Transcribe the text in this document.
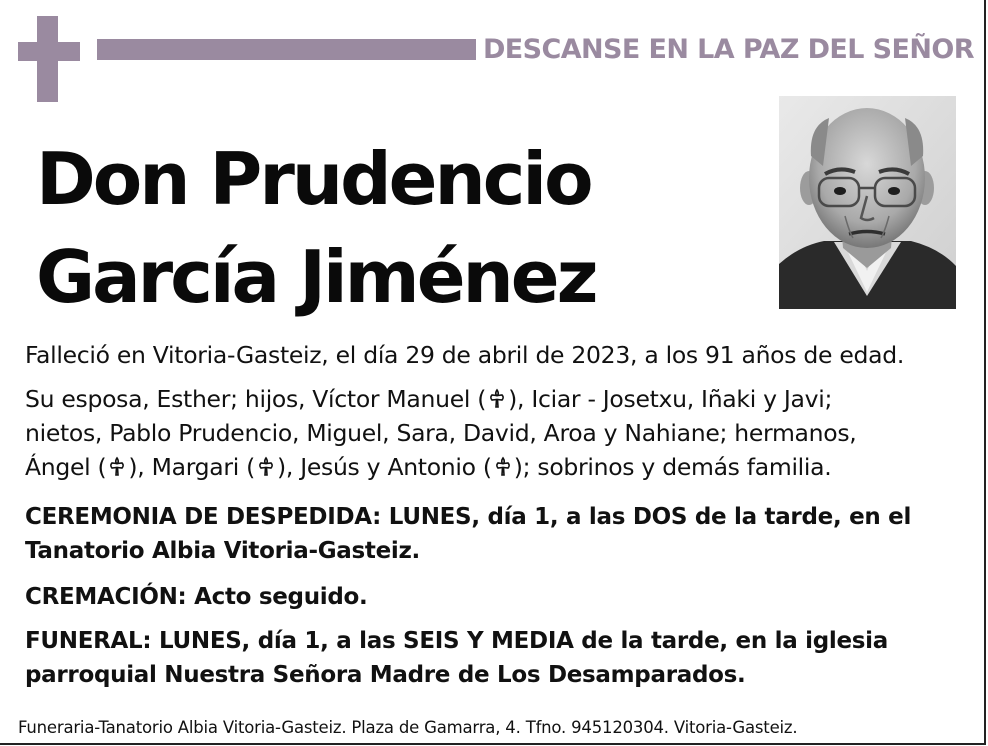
DESCANSE EN LA PAZ DEL SEÑOR
Don Prudencio
García Jiménez
Falleció en Vitoria-Gasteiz, el día 29 de abril de 2023, a los 91 años de edad.
Su esposa, Esther; hijos, Víctor Manuel ( ), Iciar - Josetxu, Iñaki y Javi;
nietos, Pablo Prudencio, Miguel, Sara, David, Aroa y Nahiane; hermanos,
Ángel ( ), Margari ( ), Jesús y Antonio ( ); sobrinos y demás familia.
CEREMONIA DE DESPEDIDA: LUNES, día 1, a las DOS de la tarde, en el
Tanatorio Albia Vitoria-Gasteiz.
CREMACIÓN: Acto seguido.
FUNERAL: LUNES, día 1, a las SEIS Y MEDIA de la tarde, en la iglesia
parroquial Nuestra Señora Madre de Los Desamparados.
Funeraria-Tanatorio Albia Vitoria-Gasteiz. Plaza de Gamarra, 4. Tfno. 945120304. Vitoria-Gasteiz.
